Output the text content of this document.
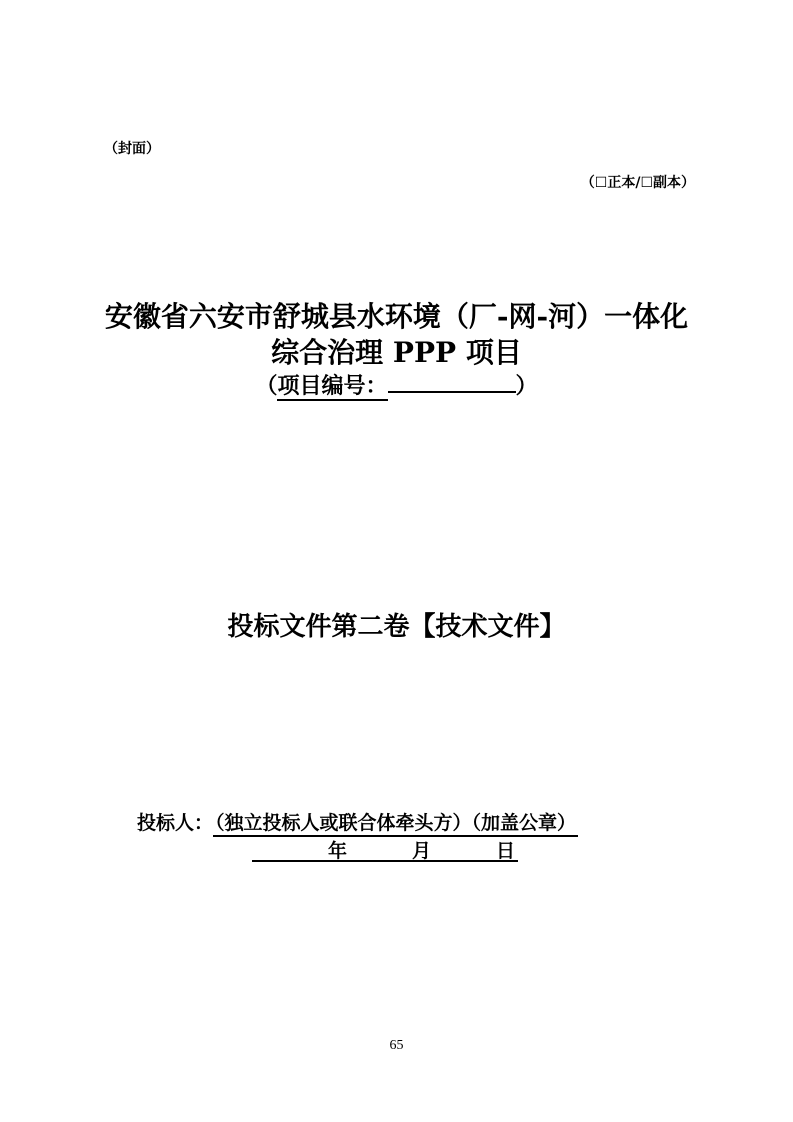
（封面）
（☐正本/☐副本）
安徽省六安市舒城县水环境（厂-网-河）一体化
综合治理 PPP 项目
（项目编号：	）
投标文件第二卷【技术文件】
投标人： （独立投标人或联合体牵头方）（加盖公章）
年	月	日
65
